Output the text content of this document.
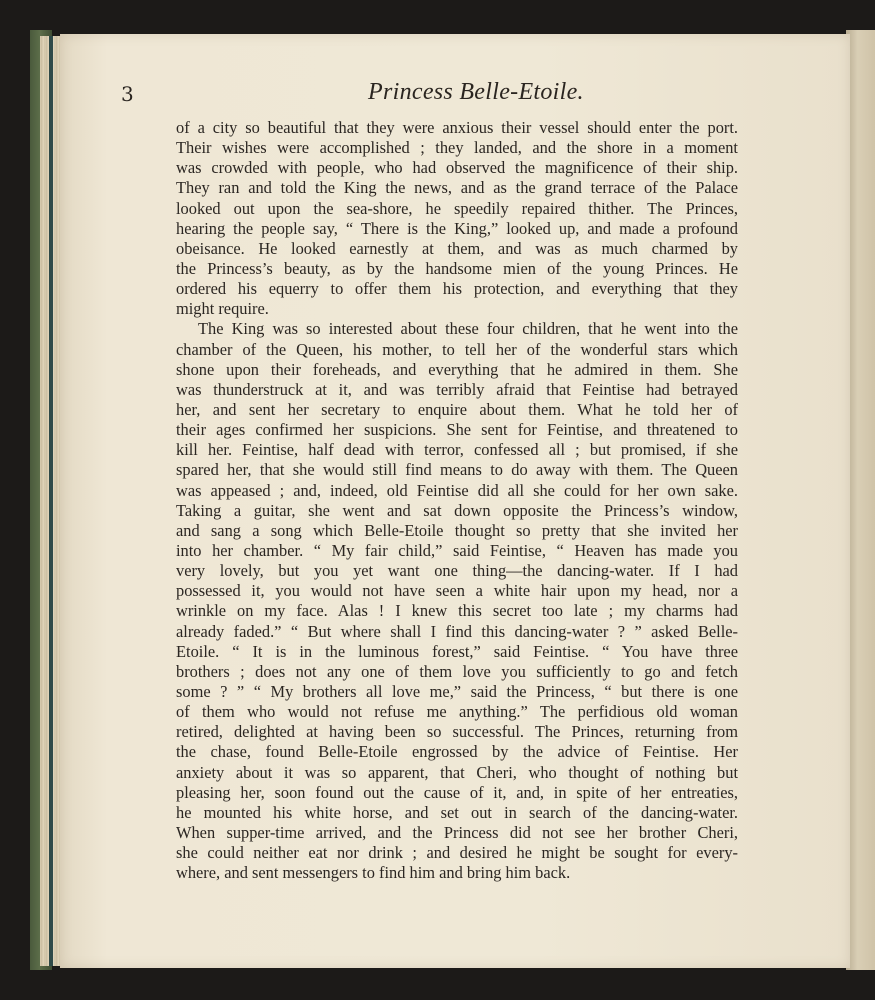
3	Princess Belle-Etoile.
of a city so beautiful that they were anxious their vessel should enter the port.
Their wishes were accomplished ; they landed, and the shore in a moment
was crowded with people, who had observed the magnificence of their ship.
They ran and told the King the news, and as the grand terrace of the Palace
looked out upon the sea-shore, he speedily repaired thither. The Princes,
hearing the people say, “ There is the King,” looked up, and made a profound
obeisance. He looked earnestly at them, and was as much charmed by
the Princess’s beauty, as by the handsome mien of the young Princes. He
ordered his equerry to offer them his protection, and everything that they
might require.
The King was so interested about these four children, that he went into the
chamber of the Queen, his mother, to tell her of the wonderful stars which
shone upon their foreheads, and everything that he admired in them. She
was thunderstruck at it, and was terribly afraid that Feintise had betrayed
her, and sent her secretary to enquire about them. What he told her of
their ages confirmed her suspicions. She sent for Feintise, and threatened to
kill her. Feintise, half dead with terror, confessed all ; but promised, if she
spared her, that she would still find means to do away with them. The Queen
was appeased ; and, indeed, old Feintise did all she could for her own sake.
Taking a guitar, she went and sat down opposite the Princess’s window,
and sang a song which Belle-Etoile thought so pretty that she invited her
into her chamber. “ My fair child,” said Feintise, “ Heaven has made you
very lovely, but you yet want one thing—the dancing-water. If I had
possessed it, you would not have seen a white hair upon my head, nor a
wrinkle on my face. Alas ! I knew this secret too late ; my charms had
already faded.” “ But where shall I find this dancing-water ? ” asked Belle-
Etoile. “ It is in the luminous forest,” said Feintise. “ You have three
brothers ; does not any one of them love you sufficiently to go and fetch
some ? ” “ My brothers all love me,” said the Princess, “ but there is one
of them who would not refuse me anything.” The perfidious old woman
retired, delighted at having been so successful. The Princes, returning from
the chase, found Belle-Etoile engrossed by the advice of Feintise. Her
anxiety about it was so apparent, that Cheri, who thought of nothing but
pleasing her, soon found out the cause of it, and, in spite of her entreaties,
he mounted his white horse, and set out in search of the dancing-water.
When supper-time arrived, and the Princess did not see her brother Cheri,
she could neither eat nor drink ; and desired he might be sought for every-
where, and sent messengers to find him and bring him back.
